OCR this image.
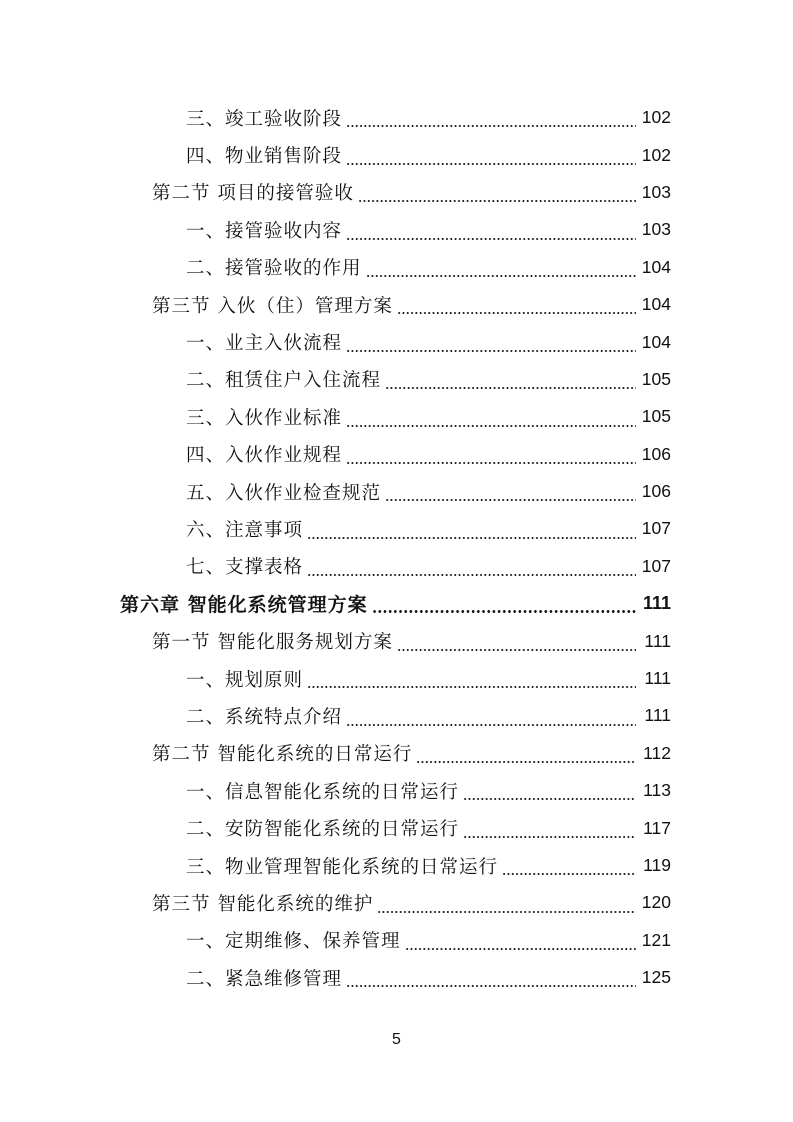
三、竣工验收阶段	102
四、物业销售阶段	102
第二节 项目的接管验收	103
一、接管验收内容	103
二、接管验收的作用	104
第三节 入伙（住）管理方案	104
一、业主入伙流程	104
二、租赁住户入住流程	105
三、入伙作业标准	105
四、入伙作业规程	106
五、入伙作业检查规范	106
六、注意事项	107
七、支撑表格	107
第六章 智能化系统管理方案	111
第一节 智能化服务规划方案	111
一、规划原则	111
二、系统特点介绍	111
第二节 智能化系统的日常运行	112
一、信息智能化系统的日常运行	113
二、安防智能化系统的日常运行	117
三、物业管理智能化系统的日常运行	119
第三节 智能化系统的维护	120
一、定期维修、保养管理	121
二、紧急维修管理	125
5
